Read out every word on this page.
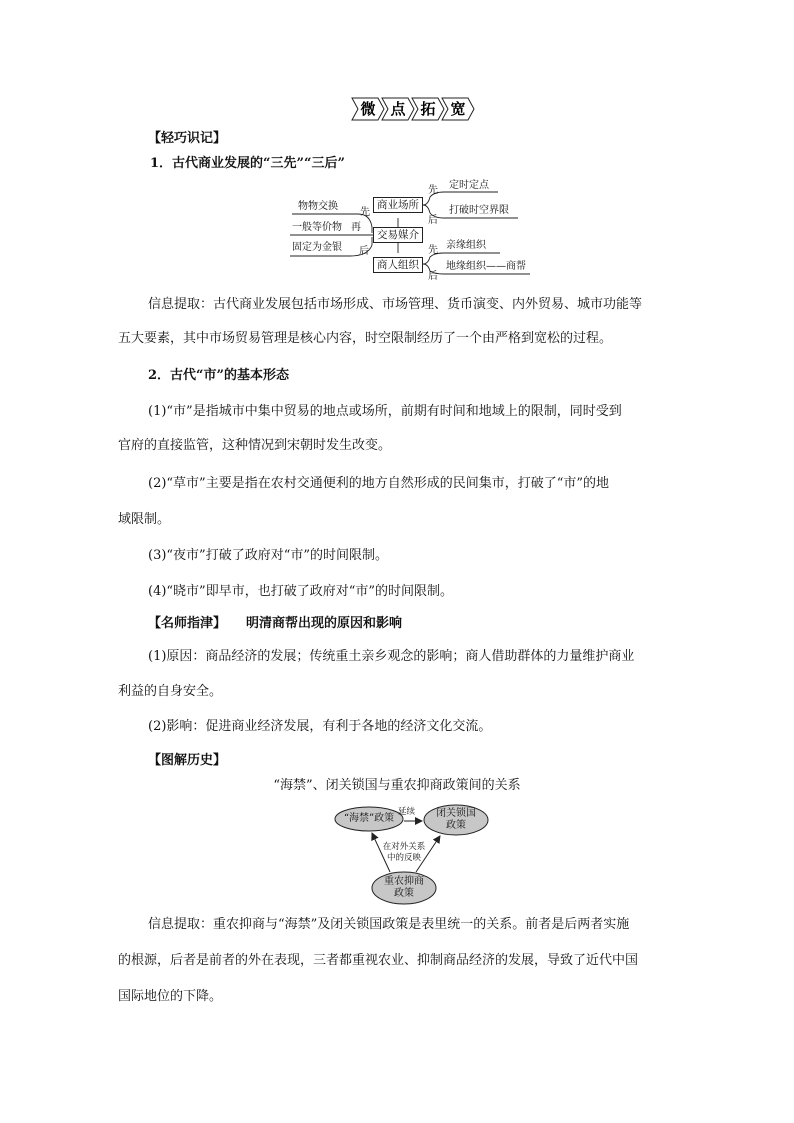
微 点 拓 宽
【轻巧识记】
1．古代商业发展的“三先”“三后”
商业场所
交易媒介
商人组织
物物交换
一般等价物
固定为金银
先
再
后
定时定点
打破时空界限
先
后
亲缘组织
地缘组织——商帮
先
后
信息提取：古代商业发展包括市场形成、市场管理、货币演变、内外贸易、城市功能等
五大要素，其中市场贸易管理是核心内容，时空限制经历了一个由严格到宽松的过程。
2．古代“市”的基本形态
(1)“市”是指城市中集中贸易的地点或场所，前期有时间和地域上的限制，同时受到
官府的直接监管，这种情况到宋朝时发生改变。
(2)“草市”主要是指在农村交通便利的地方自然形成的民间集市，打破了“市”的地
域限制。
(3)“夜市”打破了政府对“市”的时间限制。
(4)“晓市”即早市，也打破了政府对“市”的时间限制。
【名师指津】 明清商帮出现的原因和影响
(1)原因：商品经济的发展；传统重土亲乡观念的影响；商人借助群体的力量维护商业
利益的自身安全。
(2)影响：促进商业经济发展，有利于各地的经济文化交流。
【图解历史】
“海禁”、闭关锁国与重农抑商政策间的关系
“海禁”政策	闭关锁国
政策
重农抑商
政策
延续
在对外关系
中的反映
信息提取：重农抑商与“海禁”及闭关锁国政策是表里统一的关系。前者是后两者实施
的根源，后者是前者的外在表现，三者都重视农业、抑制商品经济的发展，导致了近代中国
国际地位的下降。
